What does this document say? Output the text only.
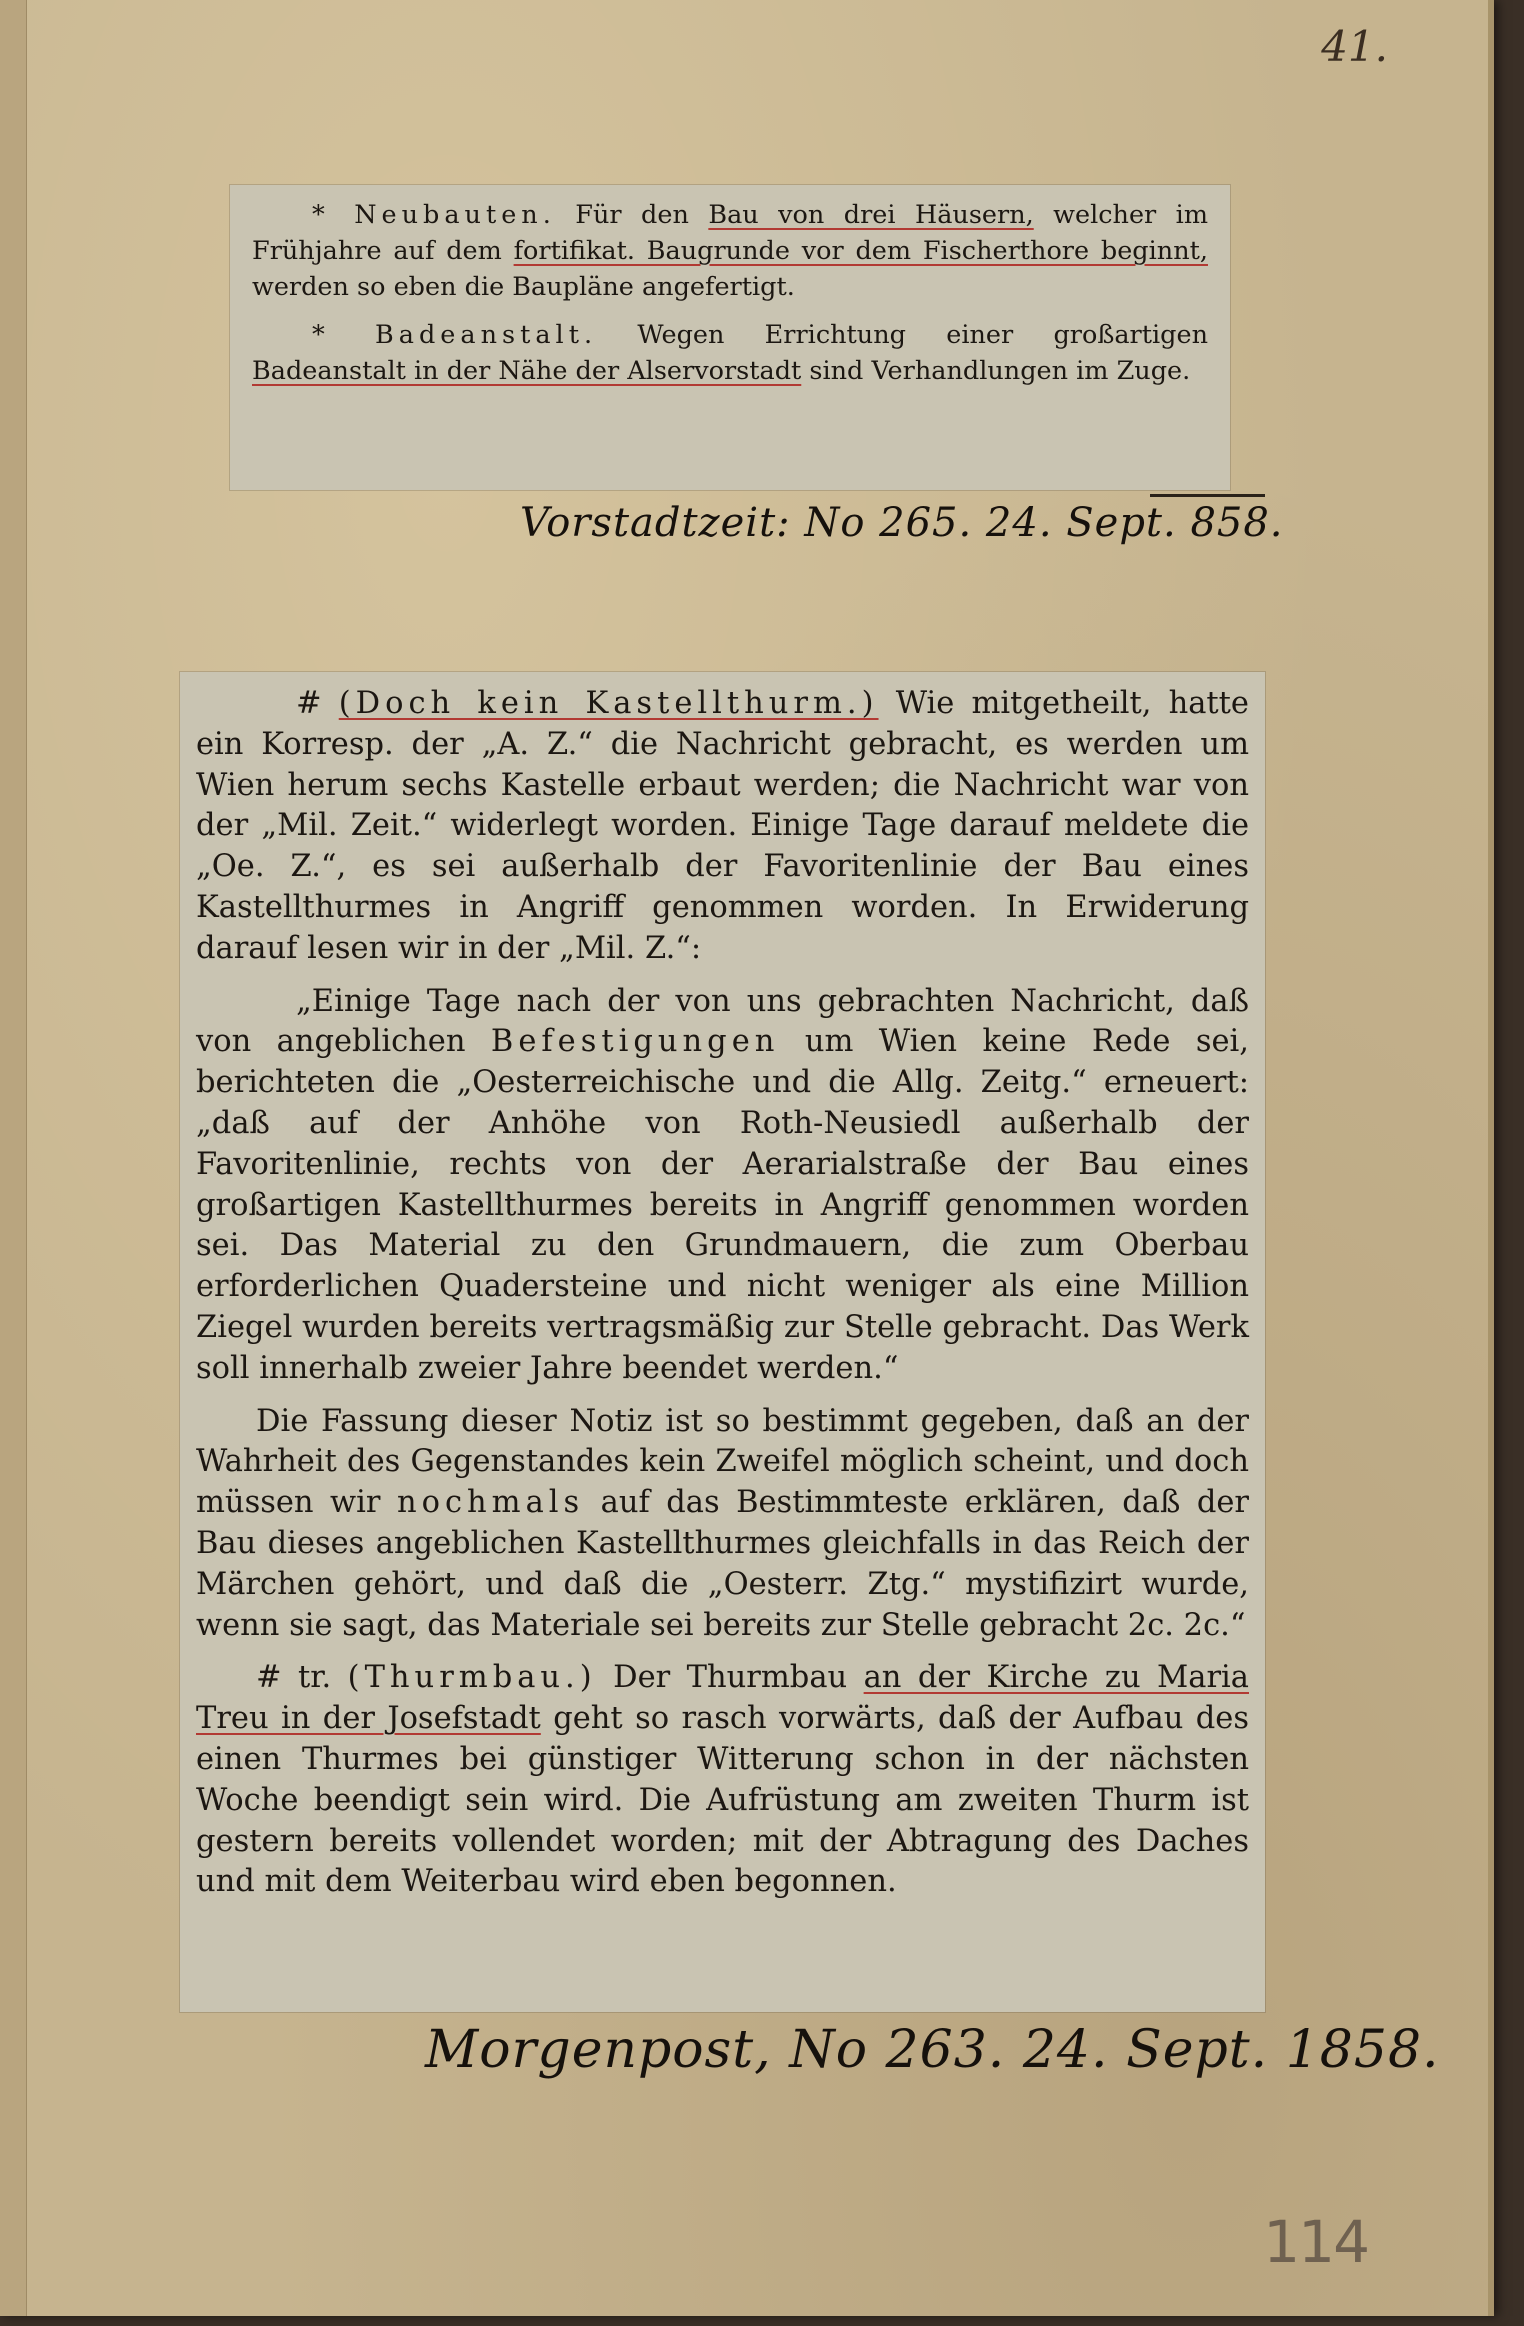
41.

* Neubauten. Für den Bau von drei Häusern, welcher im Frühjahre auf dem fortifikat. Baugrunde vor dem Fischerthore beginnt, werden so eben die Baupläne angefertigt.

* Badeanstalt. Wegen Errichtung einer großartigen Badeanstalt in der Nähe der Alservorstadt sind Verhandlungen im Zuge.

Vorstadtzeit: No 265. 24. Sept. 858.

# (Doch kein Kastellthurm.) Wie mitgetheilt, hatte ein Korresp. der „A. Z.“ die Nachricht gebracht, es werden um Wien herum sechs Kastelle erbaut werden; die Nachricht war von der „Mil. Zeit.“ widerlegt worden. Einige Tage darauf meldete die „Oe. Z.“, es sei außerhalb der Favoritenlinie der Bau eines Kastellthurmes in Angriff genommen worden. In Erwiderung darauf lesen wir in der „Mil. Z.“:

„Einige Tage nach der von uns gebrachten Nachricht, daß von angeblichen Befestigungen um Wien keine Rede sei, berichteten die „Oesterreichische und die Allg. Zeitg.“ erneuert: „daß auf der Anhöhe von Roth-Neusiedl außerhalb der Favoritenlinie, rechts von der Aerarialstraße der Bau eines großartigen Kastellthurmes bereits in Angriff genommen worden sei. Das Material zu den Grundmauern, die zum Oberbau erforderlichen Quadersteine und nicht weniger als eine Million Ziegel wurden bereits vertragsmäßig zur Stelle gebracht. Das Werk soll innerhalb zweier Jahre beendet werden.“

Die Fassung dieser Notiz ist so bestimmt gegeben, daß an der Wahrheit des Gegenstandes kein Zweifel möglich scheint, und doch müssen wir nochmals auf das Bestimmteste erklären, daß der Bau dieses angeblichen Kastellthurmes gleichfalls in das Reich der Märchen gehört, und daß die „Oesterr. Ztg.“ mystifizirt wurde, wenn sie sagt, das Materiale sei bereits zur Stelle gebracht 2c. 2c.“

# tr. (Thurmbau.) Der Thurmbau an der Kirche zu Maria Treu in der Josefstadt geht so rasch vorwärts, daß der Aufbau des einen Thurmes bei günstiger Witterung schon in der nächsten Woche beendigt sein wird. Die Aufrüstung am zweiten Thurm ist gestern bereits vollendet worden; mit der Abtragung des Daches und mit dem Weiterbau wird eben begonnen.

Morgenpost, No 263. 24. Sept. 1858.
114
